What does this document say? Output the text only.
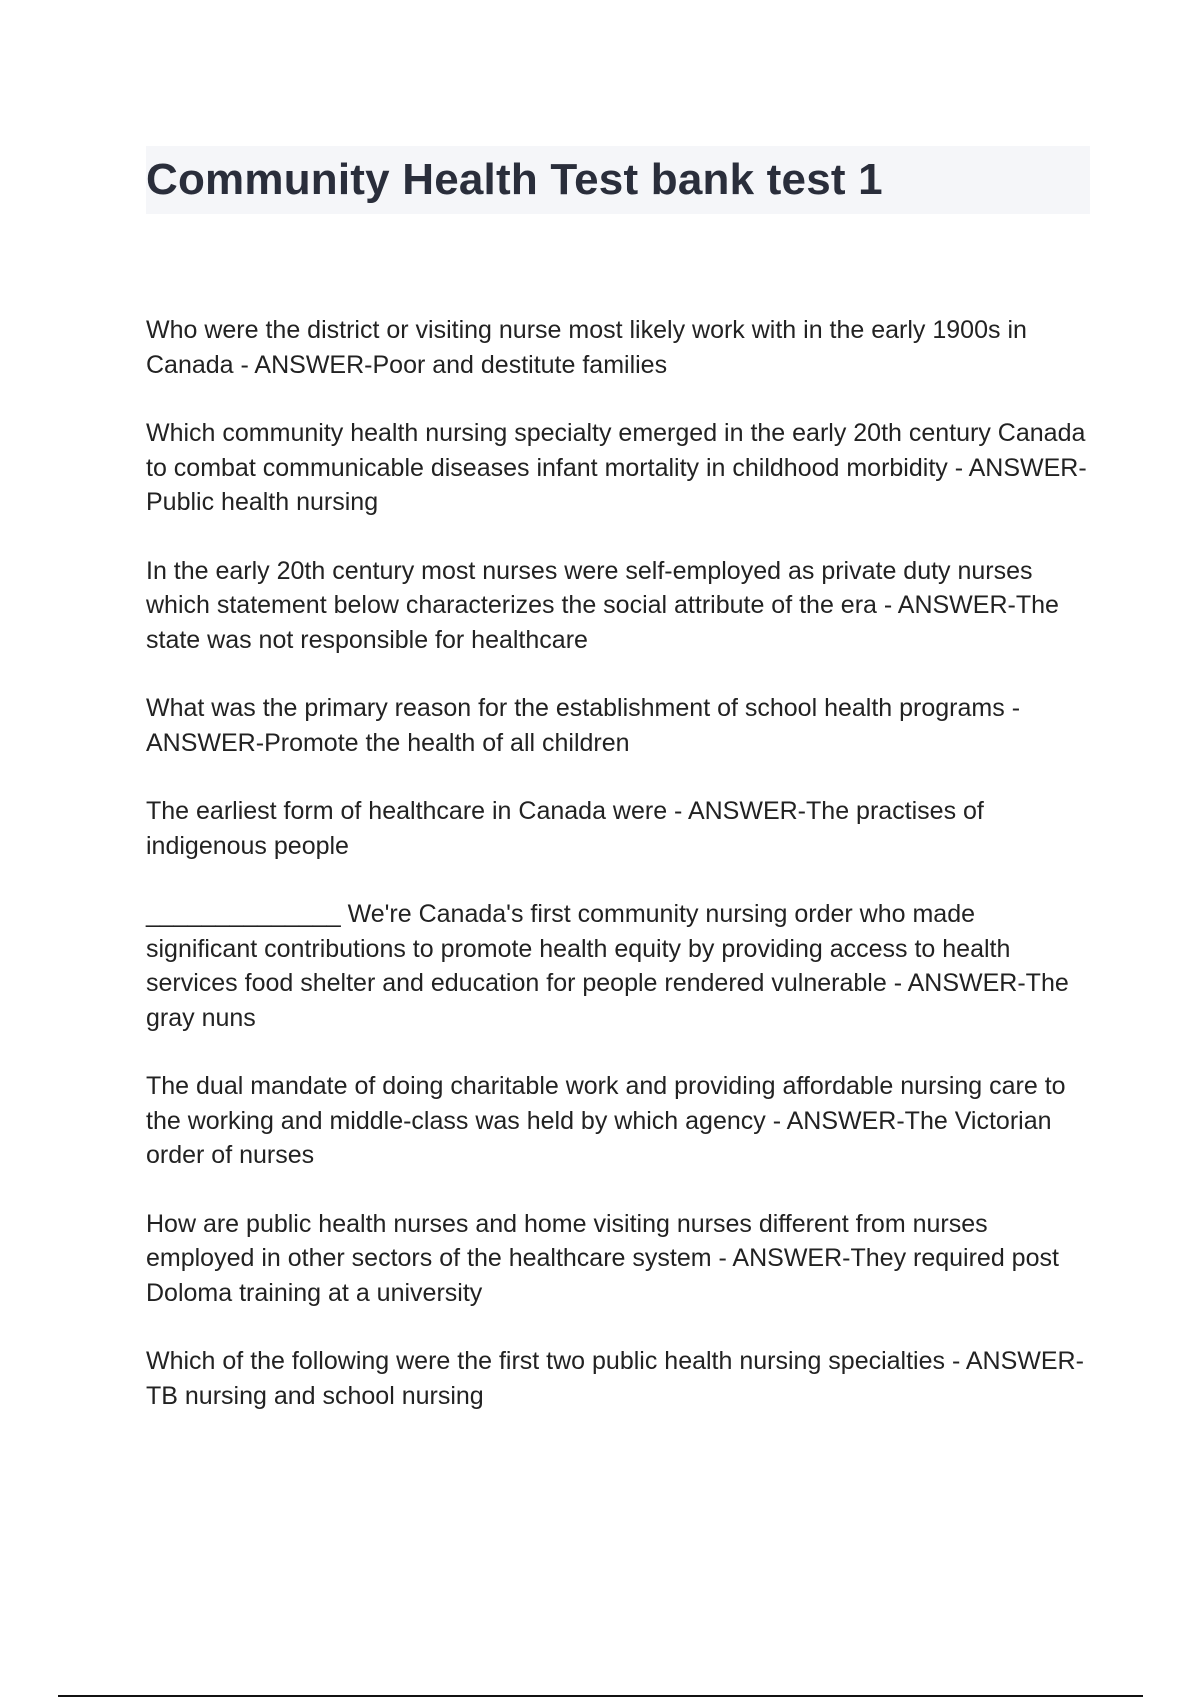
Community Health Test bank test 1

Who were the district or visiting nurse most likely work with in the early 1900s in Canada - ANSWER-Poor and destitute families

Which community health nursing specialty emerged in the early 20th century Canada to combat communicable diseases infant mortality in childhood morbidity - ANSWER-Public health nursing

In the early 20th century most nurses were self-employed as private duty nurses which statement below characterizes the social attribute of the era - ANSWER-The state was not responsible for healthcare

What was the primary reason for the establishment of school health programs - ANSWER-Promote the health of all children

The earliest form of healthcare in Canada were - ANSWER-The practises of indigenous people

______________ We're Canada's first community nursing order who made significant contributions to promote health equity by providing access to health services food shelter and education for people rendered vulnerable - ANSWER-The gray nuns

The dual mandate of doing charitable work and providing affordable nursing care to the working and middle-class was held by which agency - ANSWER-The Victorian order of nurses

How are public health nurses and home visiting nurses different from nurses employed in other sectors of the healthcare system - ANSWER-They required post Doloma training at a university

Which of the following were the first two public health nursing specialties - ANSWER-TB nursing and school nursing
